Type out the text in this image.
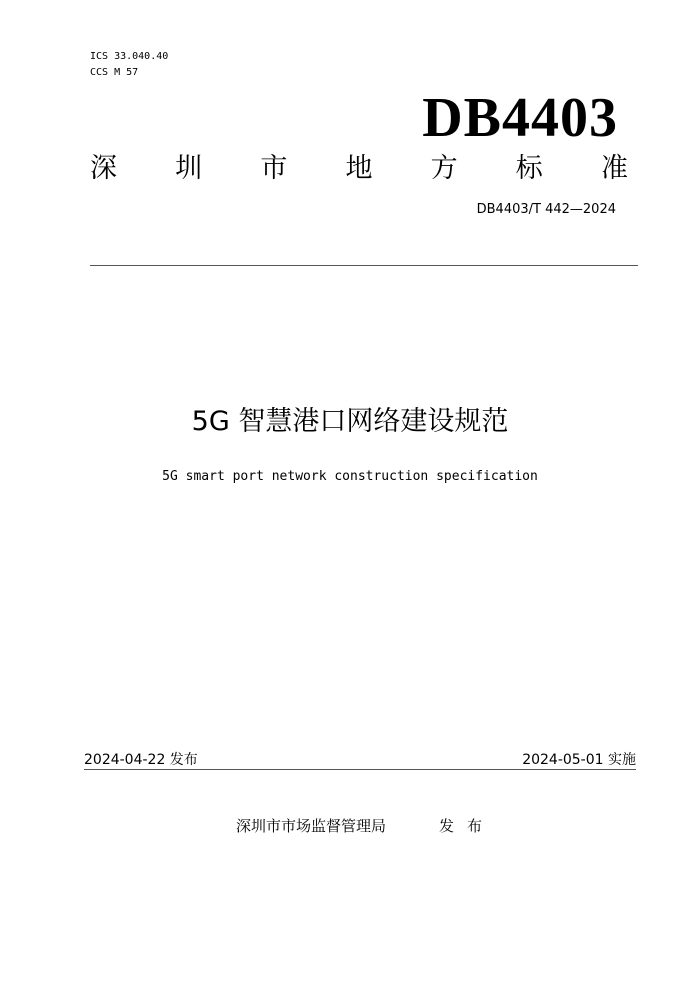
ICS 33.040.40
CCS M 57
DB4403
深 圳 市 地 方 标 准
DB4403/T 442—2024
5G 智慧港口网络建设规范
5G smart port network construction specification
2024-04-22 发布	2024-05-01 实施
深圳市市场监督管理局	发布
